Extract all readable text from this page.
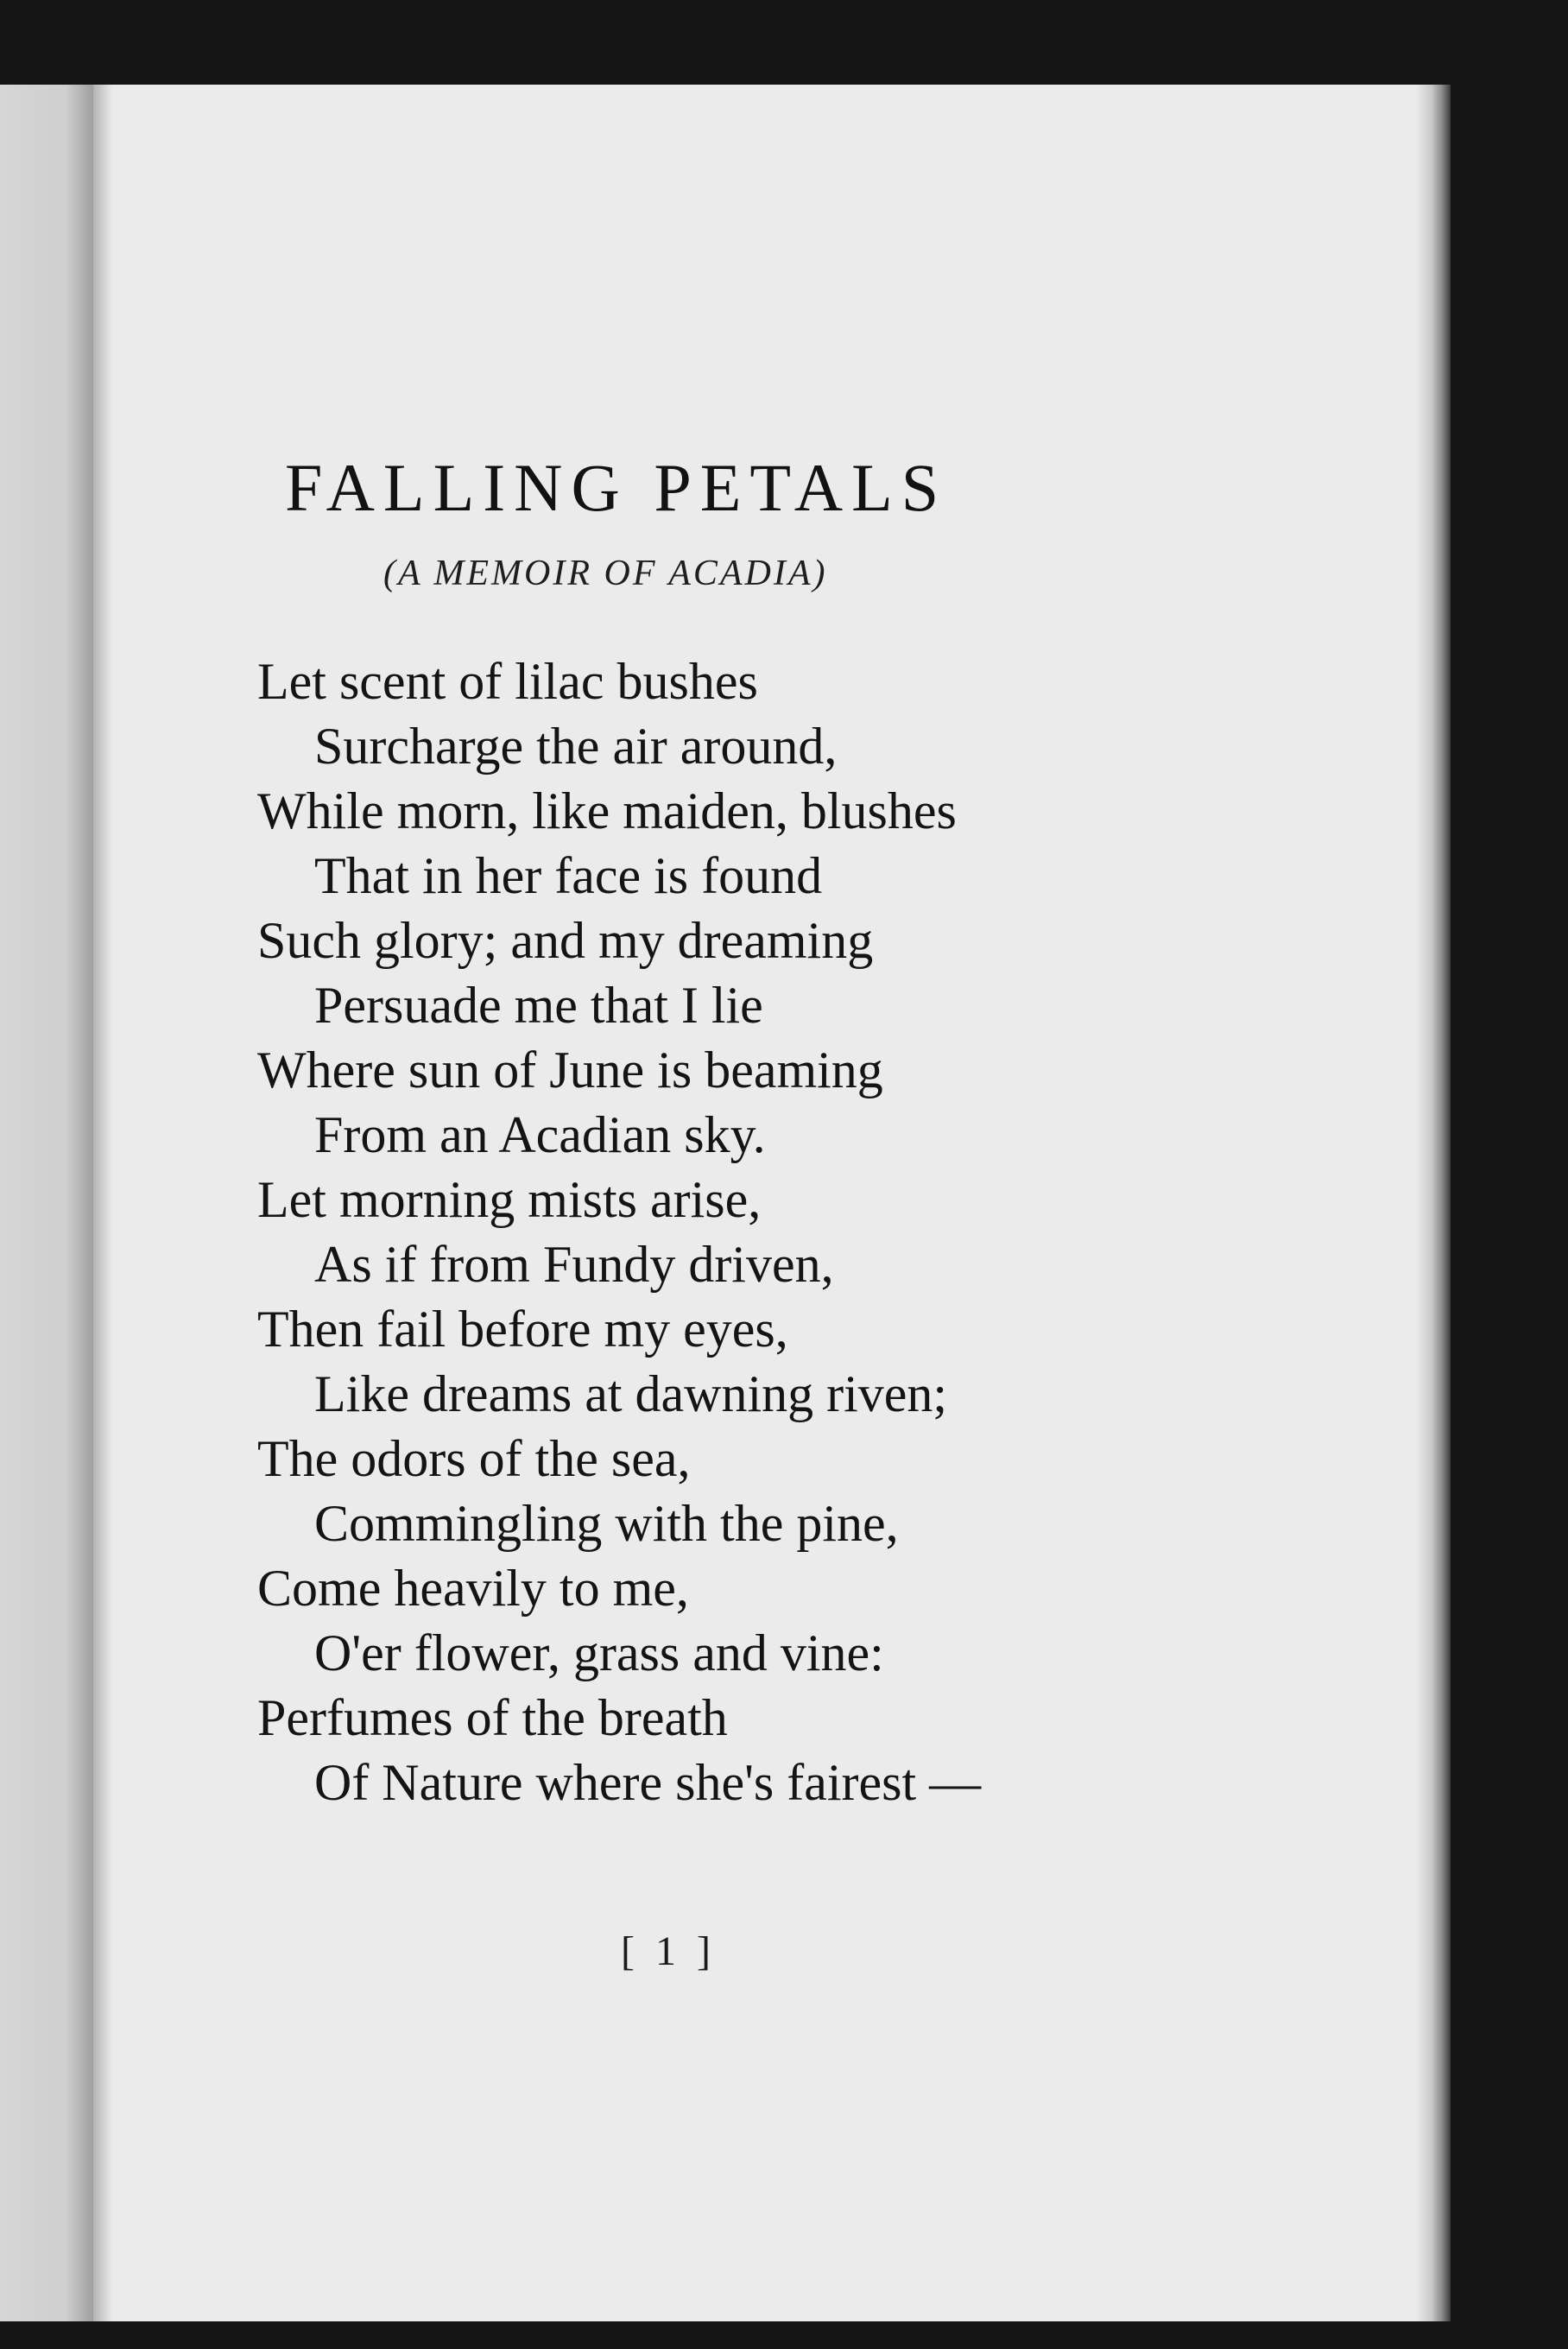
FALLING PETALS
(A MEMOIR OF ACADIA)
Let scent of lilac bushes
Surcharge the air around,
While morn, like maiden, blushes
That in her face is found
Such glory; and my dreaming
Persuade me that I lie
Where sun of June is beaming
From an Acadian sky.
Let morning mists arise,
As if from Fundy driven,
Then fail before my eyes,
Like dreams at dawning riven;
The odors of the sea,
Commingling with the pine,
Come heavily to me,
O'er flower, grass and vine:
Perfumes of the breath
Of Nature where she's fairest —
[ 1 ]
